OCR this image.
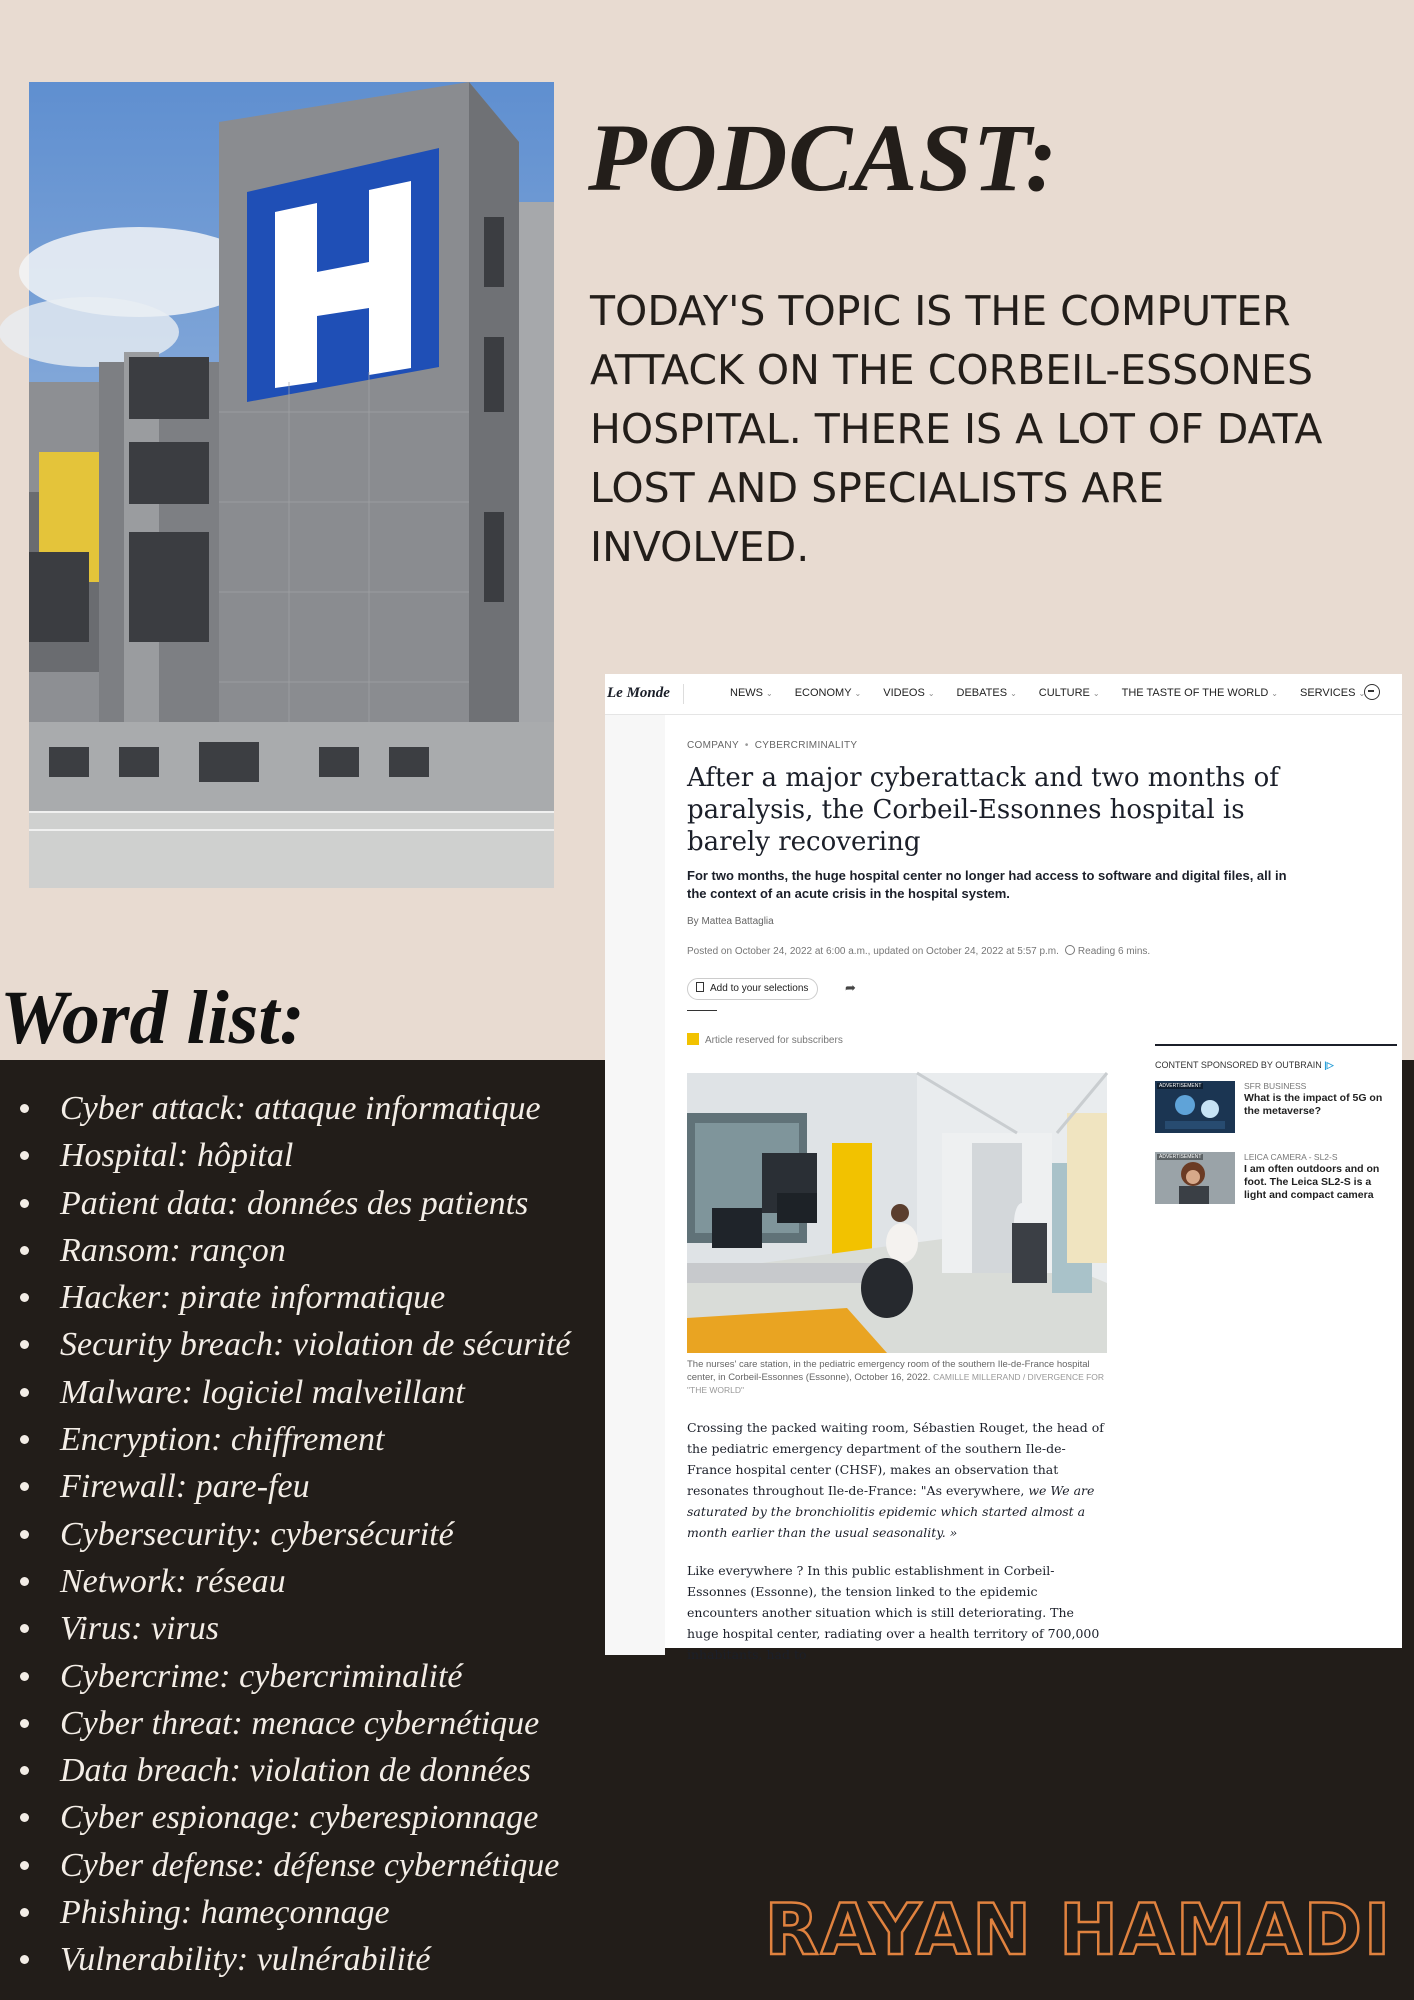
PODCAST:

TODAY'S TOPIC IS THE COMPUTER ATTACK ON THE CORBEIL-ESSONES HOSPITAL. THERE IS A LOT OF DATA LOST AND SPECIALISTS ARE INVOLVED.

Le Monde	NEWS ⌄ ECONOMY ⌄ VIDEOS ⌄ DEBATES ⌄ CULTURE ⌄ THE TASTE OF THE WORLD ⌄ SERVICES ⌄
COMPANY • CYBERCRIMINALITY
After a major cyberattack and two months of paralysis, the Corbeil-Essonnes hospital is barely recovering

For two months, the huge hospital center no longer had access to software and digital files, all in the context of an acute crisis in the hospital system.

By Mattea Battaglia
Posted on October 24, 2022 at 6:00 a.m., updated on October 24, 2022 at 5:57 p.m. Reading 6 mins.
Add to your selections	➦
Article reserved for subscribers

The nurses' care station, in the pediatric emergency room of the southern Ile-de-France hospital center, in Corbeil-Essonnes (Essonne), October 16, 2022. CAMILLE MILLERAND / DIVERGENCE FOR "THE WORLD"

Crossing the packed waiting room, Sébastien Rouget, the head of the pediatric emergency department of the southern Ile-de-France hospital center (CHSF), makes an observation that resonates throughout Ile-de-France: "As everywhere, we We are saturated by the bronchiolitis epidemic which started almost a month earlier than the usual seasonality. »

Like everywhere ? In this public establishment in Corbeil-Essonnes (Essonne), the tension linked to the epidemic encounters another situation which is still deteriorating. The huge hospital center, radiating over a health territory of 700,000 inhabitants, had to

CONTENT SPONSORED BY OUTBRAIN |▷
ADVERTISEMENT	SFR BUSINESS

What is the impact of 5G on the metaverse?

ADVERTISEMENT	LEICA CAMERA - SL2-S

I am often outdoors and on foot. The Leica SL2-S is a light and compact camera

Word list:
Cyber attack: attaque informatique
Hospital: hôpital
Patient data: données des patients
Ransom: rançon
Hacker: pirate informatique
Security breach: violation de sécurité
Malware: logiciel malveillant
Encryption: chiffrement
Firewall: pare-feu
Cybersecurity: cybersécurité
Network: réseau
Virus: virus
Cybercrime: cybercriminalité
Cyber threat: menace cybernétique
Data breach: violation de données
Cyber espionage: cyberespionnage
Cyber defense: défense cybernétique
Phishing: hameçonnage
Vulnerability: vulnérabilité	RAYAN HAMADI
